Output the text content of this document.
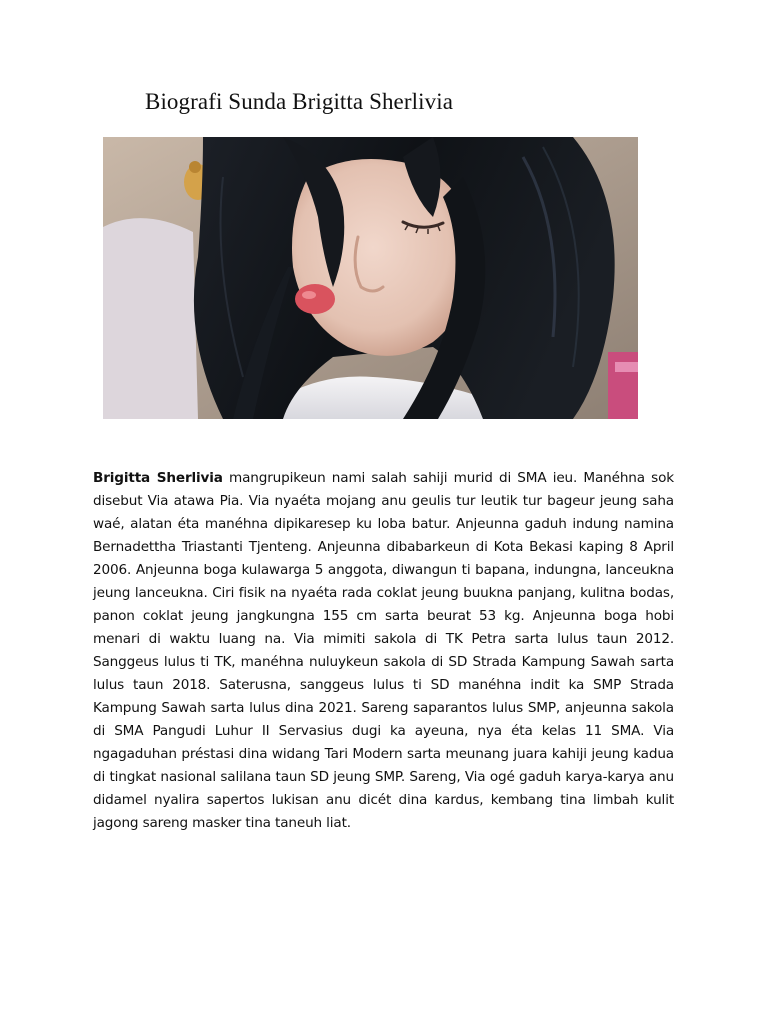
Biografi Sunda Brigitta Sherlivia

Brigitta Sherlivia mangrupikeun nami salah sahiji murid di SMA ieu. Manéhna sok disebut Via atawa Pia. Via nyaéta mojang anu geulis tur leutik tur bageur jeung saha waé, alatan éta manéhna dipikaresep ku loba batur. Anjeunna gaduh indung namina Bernadettha Triastanti Tjenteng. Anjeunna dibabarkeun di Kota Bekasi kaping 8 April 2006. Anjeunna boga kulawarga 5 anggota, diwangun ti bapana, indungna, lanceukna jeung lanceukna. Ciri fisik na nyaéta rada coklat jeung buukna panjang, kulitna bodas, panon coklat jeung jangkungna 155 cm sarta beurat 53 kg. Anjeunna boga hobi menari di waktu luang na. Via mimiti sakola di TK Petra sarta lulus taun 2012. Sanggeus lulus ti TK, manéhna nuluykeun sakola di SD Strada Kampung Sawah sarta lulus taun 2018. Saterusna, sanggeus lulus ti SD manéhna indit ka SMP Strada Kampung Sawah sarta lulus dina 2021. Sareng saparantos lulus SMP, anjeunna sakola di SMA Pangudi Luhur II Servasius dugi ka ayeuna, nya éta kelas 11 SMA. Via ngagaduhan préstasi dina widang Tari Modern sarta meunang juara kahiji jeung kadua di tingkat nasional salilana taun SD jeung SMP. Sareng, Via ogé gaduh karya-karya anu didamel nyalira sapertos lukisan anu dicét dina kardus, kembang tina limbah kulit jagong sareng masker tina taneuh liat.
